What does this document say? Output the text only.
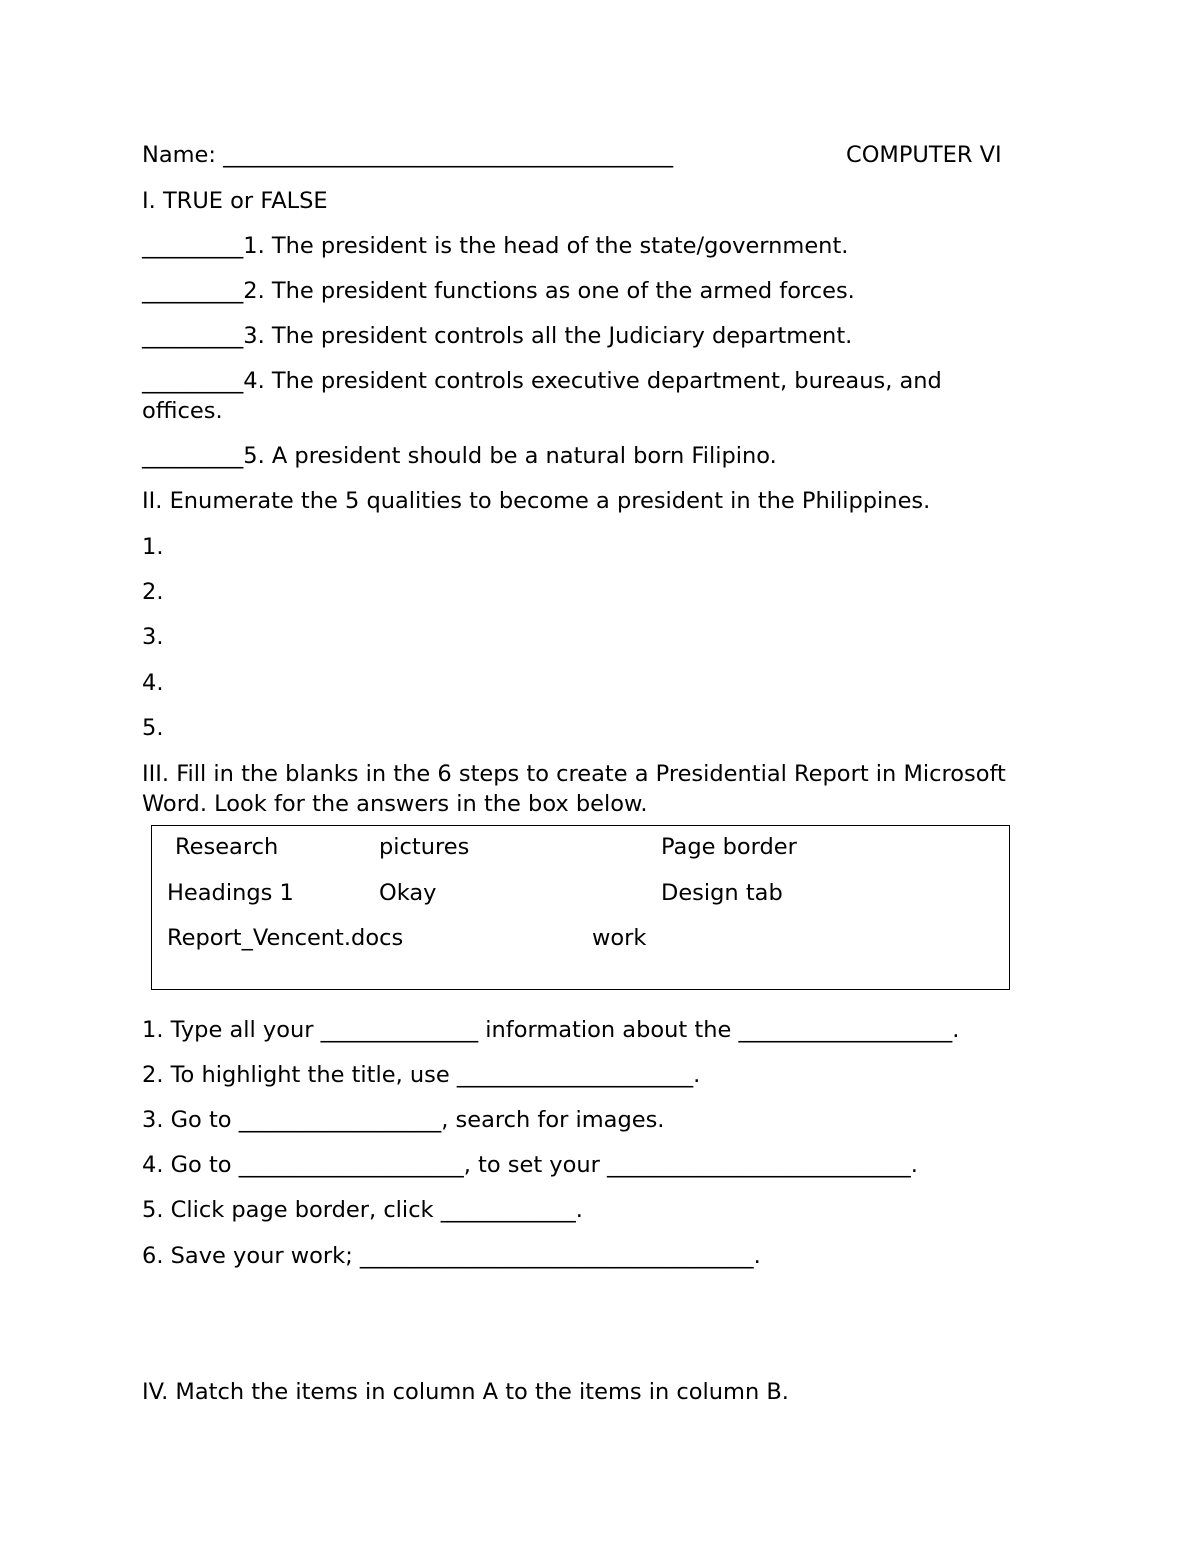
Name: ________________________________________	COMPUTER VI
I. TRUE or FALSE
_________1. The president is the head of the state/government.
_________2. The president functions as one of the armed forces.
_________3. The president controls all the Judiciary department.
_________4. The president controls executive department, bureaus, and offices.
_________5. A president should be a natural born Filipino.
II. Enumerate the 5 qualities to become a president in the Philippines.
1.
2.
3.
4.
5.
III. Fill in the blanks in the 6 steps to create a Presidential Report in Microsoft Word. Look for the answers in the box below.
Research	pictures	Page border
Headings 1	Okay	Design tab
Report_Vencent.docs	work
1. Type all your ______________ information about the ___________________.
2. To highlight the title, use _____________________.
3. Go to __________________, search for images.
4. Go to ____________________, to set your ___________________________.
5. Click page border, click ____________.
6. Save your work; ___________________________________.
IV. Match the items in column A to the items in column B.
